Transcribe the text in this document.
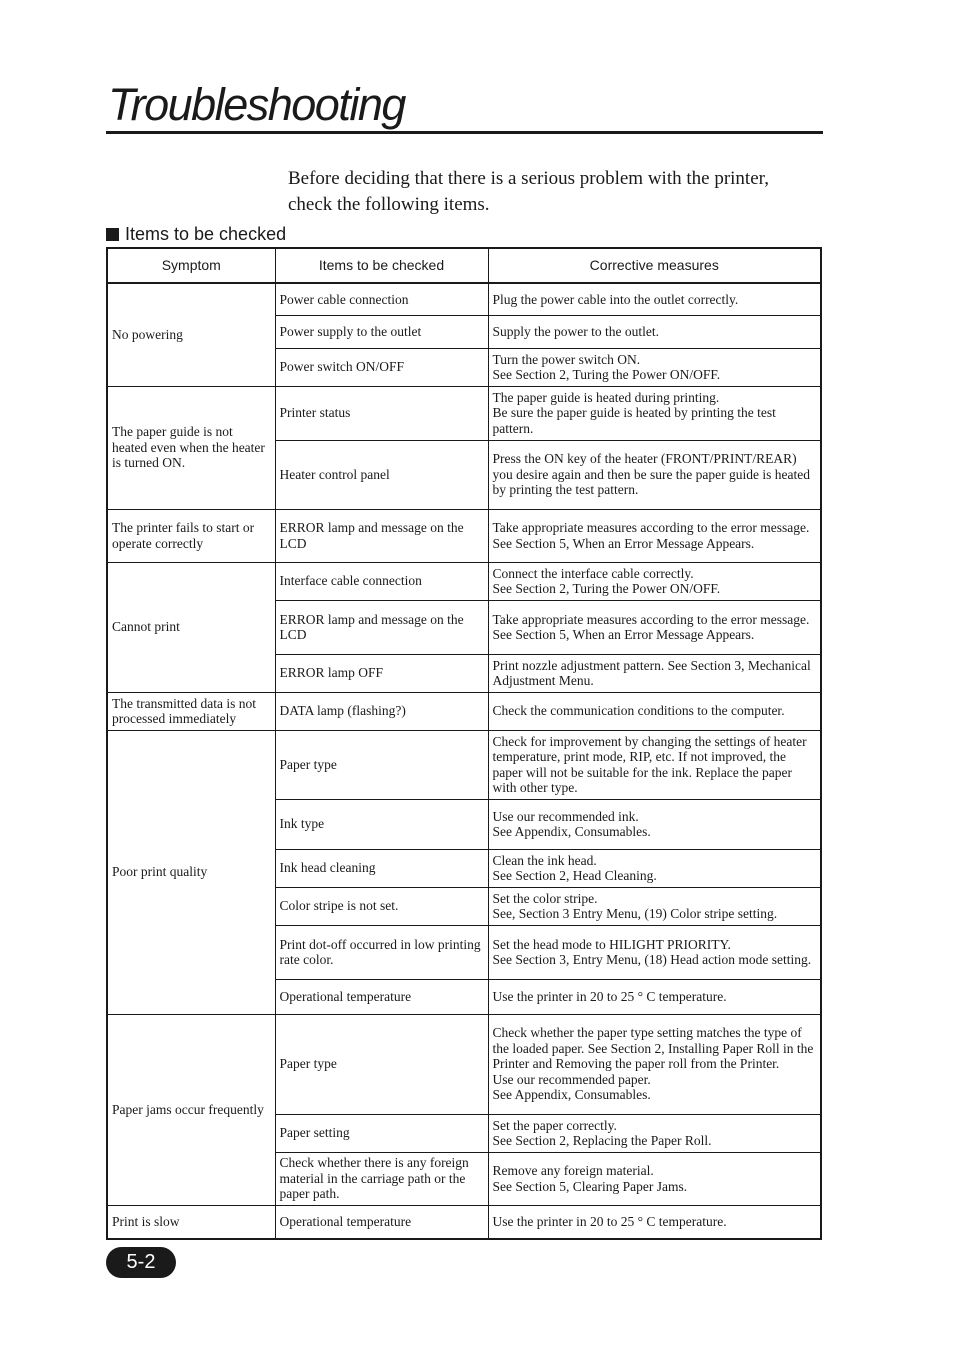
Troubleshooting
Before deciding that there is a serious problem with the printer,
check the following items.
Items to be checked
Symptom	Items to be checked	Corrective measures
No powering	Power cable connection	Plug the power cable into the outlet correctly.
	Power supply to the outlet	Supply the power to the outlet.
	Power switch ON/OFF	Turn the power switch ON.
See Section 2, Turing the Power ON/OFF.
The paper guide is not heated even when the heater is turned ON.	Printer status	The paper guide is heated during printing.
Be sure the paper guide is heated by printing the test pattern.
	Heater control panel	Press the ON key of the heater (FRONT/PRINT/REAR) you desire again and then be sure the paper guide is heated by printing the test pattern.
The printer fails to start or operate correctly	ERROR lamp and message on the LCD	Take appropriate measures according to the error message. See Section 5, When an Error Message Appears.
Cannot print	Interface cable connection	Connect the interface cable correctly.
See Section 2, Turing the Power ON/OFF.
	ERROR lamp and message on the LCD	Take appropriate measures according to the error message. See Section 5, When an Error Message Appears.
	ERROR lamp OFF	Print nozzle adjustment pattern. See Section 3, Mechanical Adjustment Menu.
The transmitted data is not processed immediately	DATA lamp (flashing?)	Check the communication conditions to the computer.
Poor print quality	Paper type	Check for improvement by changing the settings of heater temperature, print mode, RIP, etc. If not improved, the paper will not be suitable for the ink. Replace the paper with other type.
	Ink type	Use our recommended ink.
See Appendix, Consumables.
	Ink head cleaning	Clean the ink head.
See Section 2, Head Cleaning.
	Color stripe is not set.	Set the color stripe.
See, Section 3 Entry Menu, (19) Color stripe setting.
	Print dot-off occurred in low printing rate color.	Set the head mode to HILIGHT PRIORITY.
See Section 3, Entry Menu, (18) Head action mode setting.
	Operational temperature	Use the printer in 20 to 25 ° C temperature.
Paper jams occur frequently	Paper type	Check whether the paper type setting matches the type of the loaded paper. See Section 2, Installing Paper Roll in the Printer and Removing the paper roll from the Printer.
Use our recommended paper.
See Appendix, Consumables.
	Paper setting	Set the paper correctly.
See Section 2, Replacing the Paper Roll.
	Check whether there is any foreign material in the carriage path or the paper path.	Remove any foreign material.
See Section 5, Clearing Paper Jams.
Print is slow	Operational temperature	Use the printer in 20 to 25 ° C temperature.
5-2
